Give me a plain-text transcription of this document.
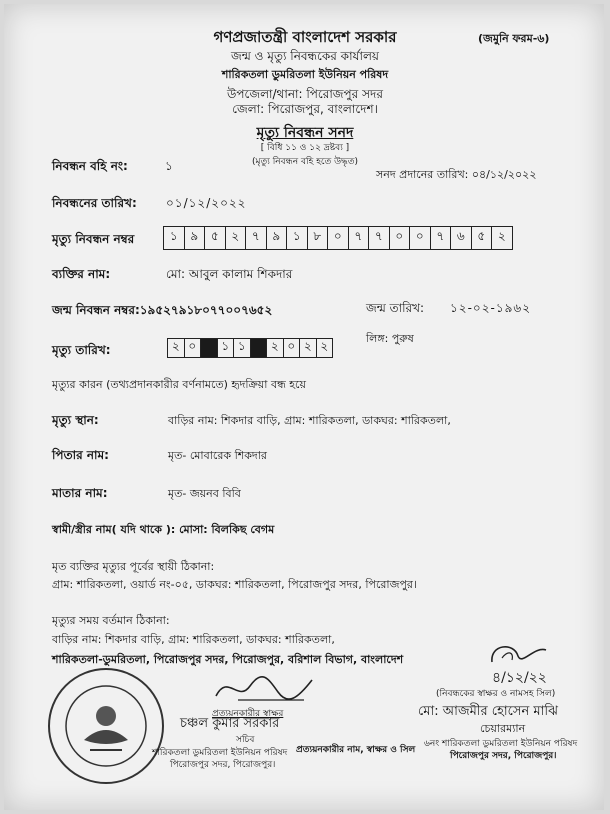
গণপ্রজাতন্ত্রী বাংলাদেশ সরকার	(জমুনি ফরম-৬)
জন্ম ও মৃত্যু নিবন্ধকের কার্যালয়
শারিকতলা ডুমরিতলা ইউনিয়ন পরিষদ
উপজেলা/থানা: পিরোজপুর সদর
জেলা: পিরোজপুর, বাংলাদেশ।
মৃত্যু নিবন্ধন সনদ
[ বিধি ১১ ও ১২ দ্রষ্টব্য ]
(মৃত্যু নিবন্ধন বহি হতে উদ্ধৃত)
নিবন্ধন বহি নং:	১
সনদ প্রদানের তারিখ: ০৪/১২/২০২২
নিবন্ধনের তারিখ: ০১/১২/২০২২
মৃত্যু নিবন্ধন নম্বর	১	৯	৫	২	৭	৯	১	৮	০	৭	৭	০	০	৭	৬	৫	২
ব্যক্তির নাম:	মো: আবুল কালাম শিকদার
জন্ম নিবন্ধন নম্বর:১৯৫২৭৯১৮০৭৭০০৭৬৫২	জন্ম তারিখ: ১২-০২-১৯৬২
লিঙ্গ: পুরুষ
মৃত্যু তারিখ:	২ ০	১ ১	২ ০ ২ ২
মৃত্যুর কারন (তথ্যপ্রদানকারীর বর্ণনামতে) হৃদক্রিয়া বন্ধ হয়ে
মৃত্যু স্থান:	বাড়ির নাম: শিকদার বাড়ি, গ্রাম: শারিকতলা, ডাকঘর: শারিকতলা,
পিতার নাম:	মৃত- মোবারেক শিকদার
মাতার নাম:	মৃত- জয়নব বিবি
স্বামী/স্ত্রীর নাম( যদি থাকে ): মোসা: বিলকিছ বেগম
মৃত ব্যক্তির মৃত্যুর পূর্বের স্থায়ী ঠিকানা:
গ্রাম: শারিকতলা, ওয়ার্ড নং-০৫, ডাকঘর: শারিকতলা, পিরোজপুর সদর, পিরোজপুর।
মৃত্যুর সময় বর্তমান ঠিকানা:
বাড়ির নাম: শিকদার বাড়ি, গ্রাম: শারিকতলা, ডাকঘর: শারিকতলা,
শারিকতলা-ডুমরিতলা, পিরোজপুর সদর, পিরোজপুর, বরিশাল বিভাগ, বাংলাদেশ
প্রত্যয়নকারীর স্বাক্ষর
চঞ্চল কুমার সরকার
সচিব
শারিকতলা ডুমরিতলা ইউনিয়ন পরিষদ
পিরোজপুর সদর, পিরোজপুর।
প্রত্যয়নকারীর নাম, স্বাক্ষর ও সিল
৪/১২/২২
(নিবন্ধকের স্বাক্ষর ও নামসহ সিল)
মো: আজমীর হোসেন মাঝি
চেয়ারম্যান
৬নং শারিকতলা ডুমরিতলা ইউনিয়ন পরিষদ
পিরোজপুর সদর, পিরোজপুর।
